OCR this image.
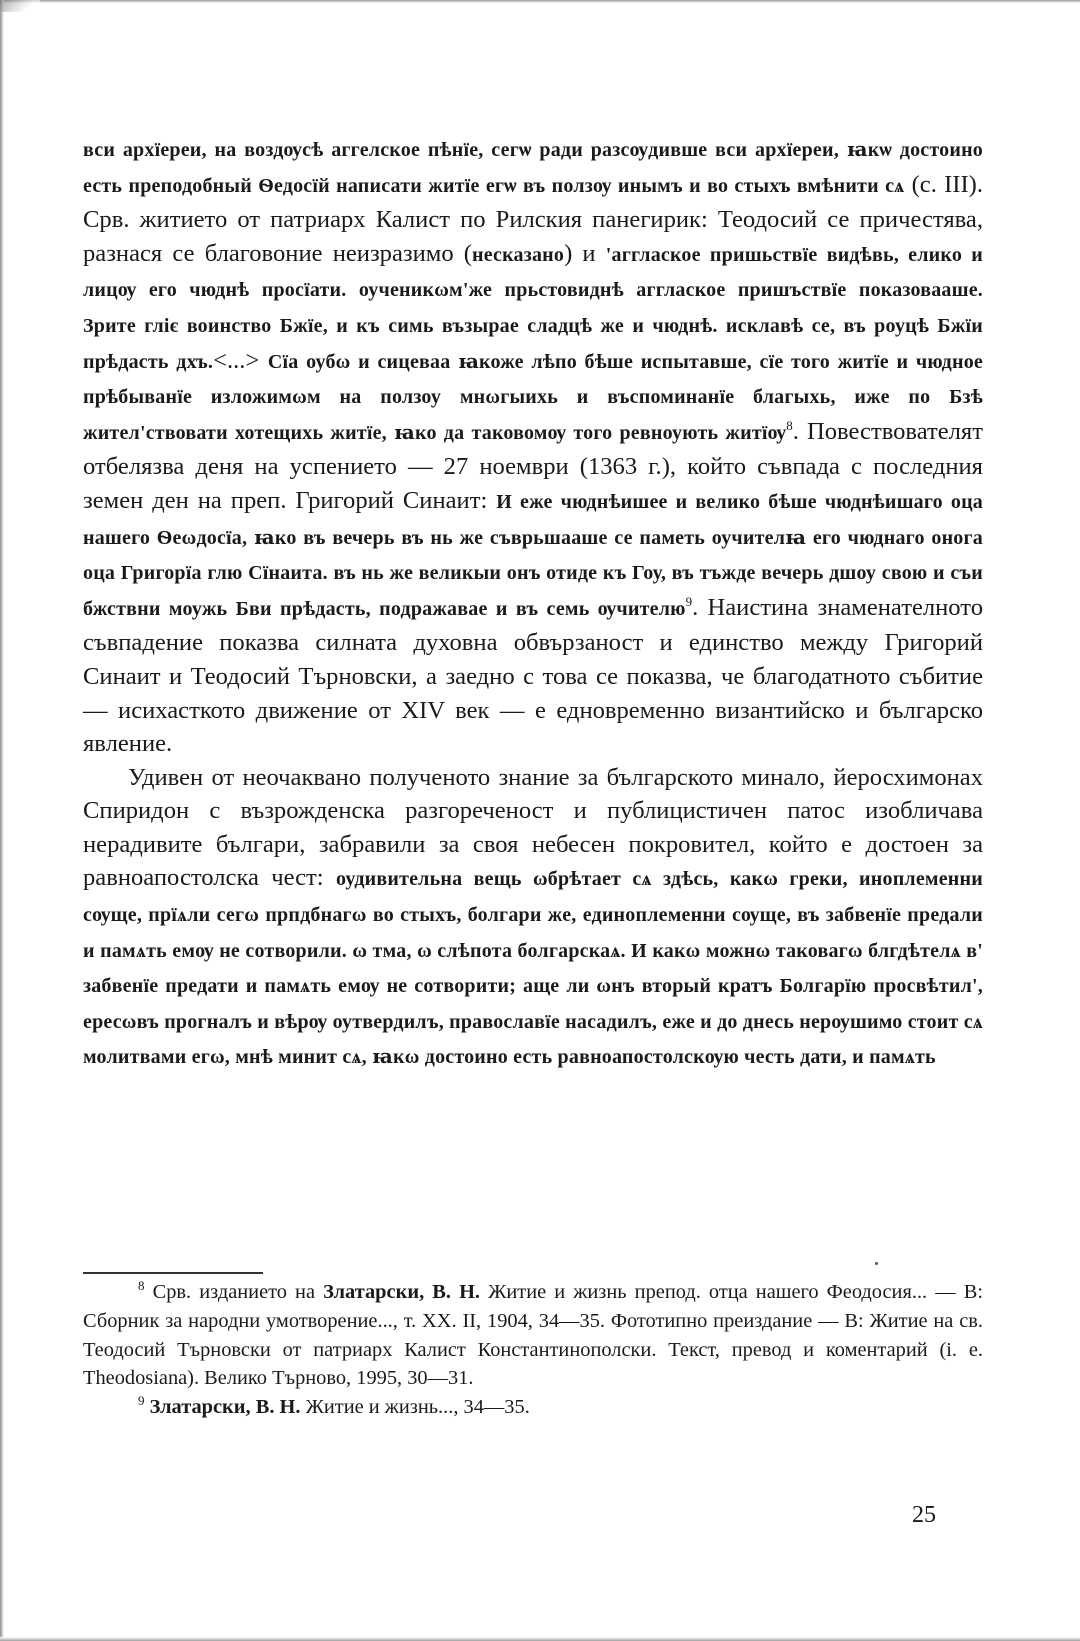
вси архїереи, на воздѹсѣ аггелское пѣнїе, сегѡ ради разсѹдивше вси архїереи, ꙗкѡ достоино есть преподобный Ѳедосїй написати житїе егѡ въ ползѹ инымъ и во стыхъ вмѣнити сѧ (с. III). Срв. житието от патриарх Калист по Рилския панегирик: Теодосий се причестява, разнася се благовоние неизразимо (несказано) и 'агглаское пришьствїе видѣвь, елико и лицѹ его чюднѣ просїати. оученикωм'же прьстовиднѣ агглаское пришъствїе показовааше. Зрите гліє воинство Бжїе, и къ симь възырае сладцѣ же и чюднѣ. исклавѣ се, въ роуцѣ Бжїи прѣдасть дхъ.<...> Сїа оубω и сицеваа ꙗкоже лѣпо бѣше испытавше, сїе того житїе и чюдное прѣбыванїе изложимωм на ползоу мнωгыихь и въспоминанїе благыхь, иже по Бзѣ жител'ствовати хотещихь житїе, ꙗко да таковомѹ того ревноують житїѹ$^8$. Повествователят отбелязва деня на успението — 27 ноември (1363 г.), който съвпада с последния земен ден на преп. Григорий Синаит: И еже чюднѣишее и велико бѣше чюднѣишаго оца нашего Ѳеωдосїа, ꙗко въ вечерь въ нь же съврьшааше се паметь оучителꙗ его чюднаго онога оца Григорїа глю Сїнаита. въ нь же великыи онъ отиде къ Гоу, въ тъжде вечерь дшоу свою и съи бжствни моужь Бви прѣдасть, подражаваe и въ семь ѹчителю$^9$. Наистина знаменателното съвпадение показва силната духовна обвързаност и единство между Григорий Синаит и Теодосий Търновски, а заедно с това се показва, че благодатното събитие — исихасткото движение от XIV век — е едновременно византийско и българско явление.

Удивен от неочаквано полученото знание за българското минало, йеросхимонах Спиридон с възрожденска разгореченост и публицистичен патос изобличава нерадивите българи, забравили за своя небесен покровител, който е достоен за равноапостолска чест: оудивительна вещь ωбрѣтает сѧ здѣсь, какω греки, иноплеменни сѹще, прїѧли сегω прпдбнагω во стыхъ, болгари же, единоплеменни сѹще, въ забвенїе предали и памѧть емѹ не сотворили. ω тма, ω слѣпота болгарскаѧ. И какω можнω таковагω блгдѣтелѧ в' забвенїе предати и памѧть емѹ не сотворити; аще ли ωнъ вторый кратъ Болгарїю просвѣтил', ересωвъ прогналъ и вѣрѹ оутвердилъ, православїе насадилъ, еже и до днесь нерѹшимо стоит сѧ молитвами егω, мнѣ минит сѧ, ꙗкω достоино есть равноапостолскѹю честь дати, и памѧть

$^8$ Срв. изданието на Златарски, В. Н. Житие и жизнь препод. отца нашего Феодосия... — В: Сборник за народни умотворение..., т. XX. II, 1904, 34—35. Фототипно преиздание — В: Житие на св. Теодосий Търновски от патриарх Калист Константинополски. Текст, превод и коментарий (i. e. Theodosiana). Велико Търново, 1995, 30—31.

$^9$ Златарски, В. Н. Житие и жизнь..., 34—35.

25
